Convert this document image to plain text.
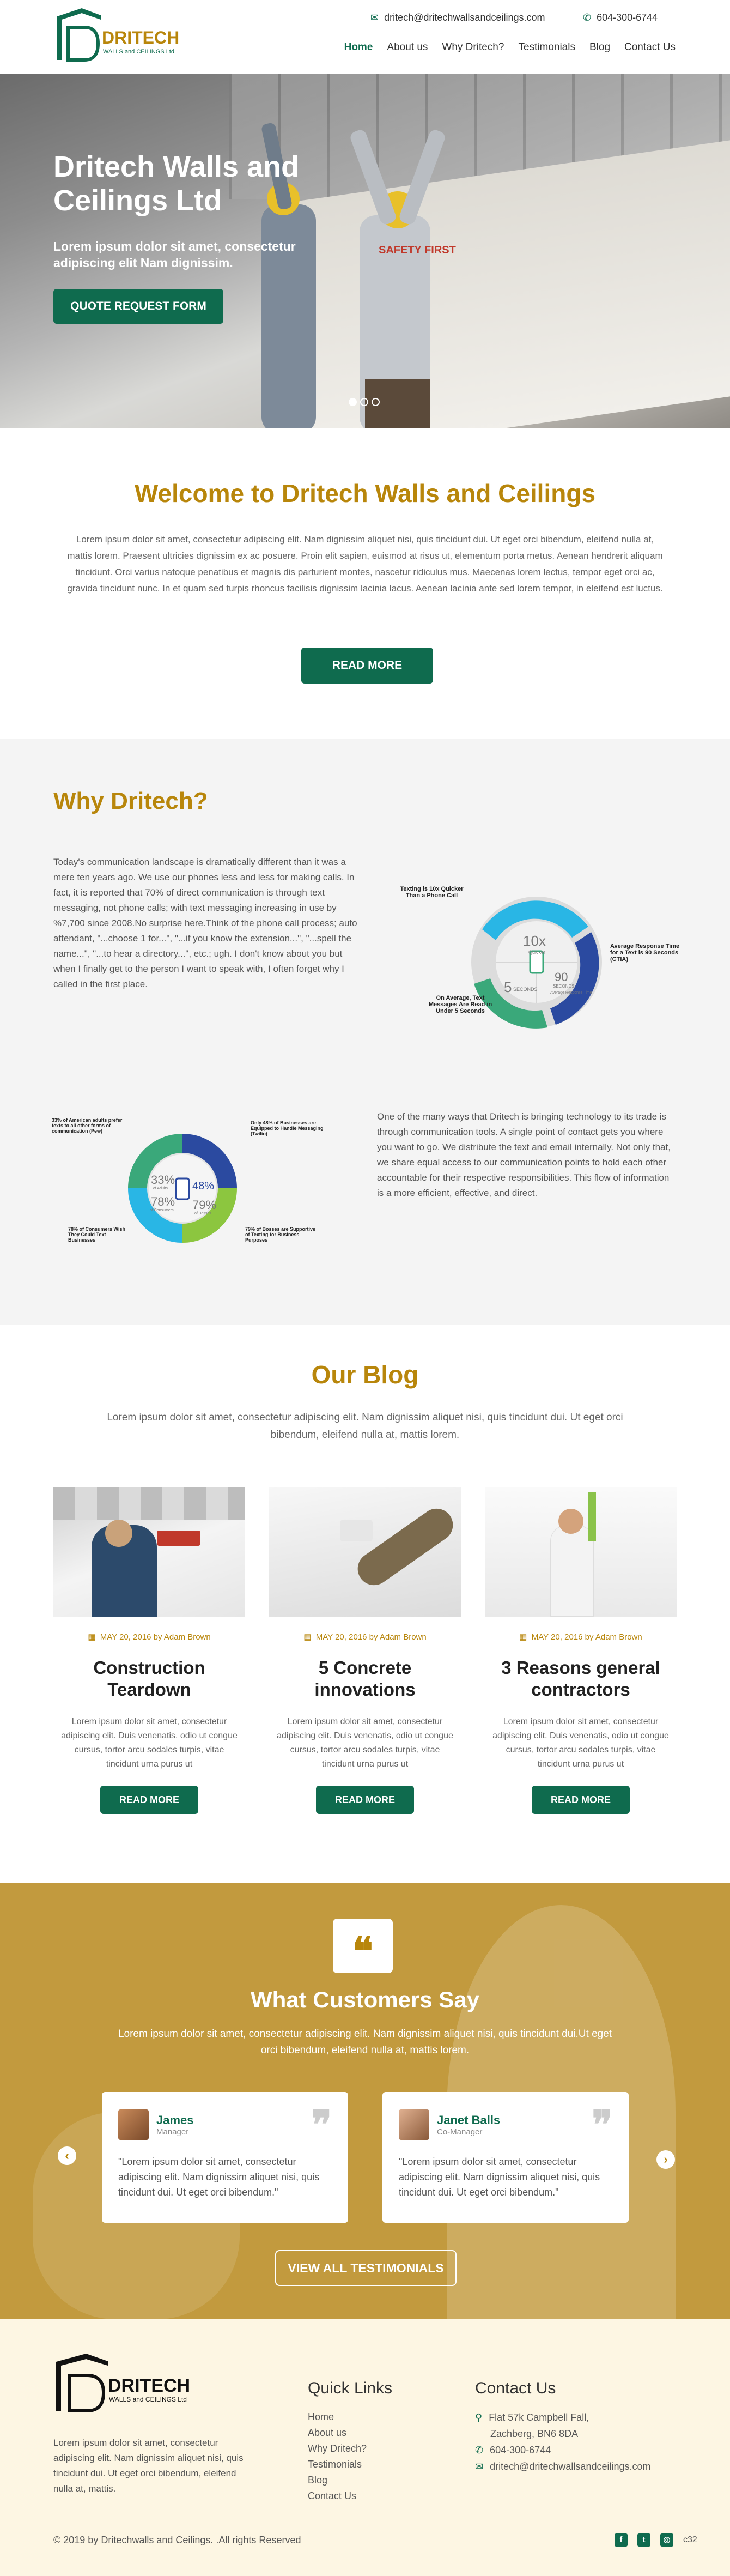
DRITECH
WALLS and CEILINGS Ltd
✉ dritech@dritechwallsandceilings.com	✆ 604-300-6744
Home About us Why Dritech? Testimonials Blog Contact Us
SAFETY FIRST
Dritech Walls and Ceilings Ltd
Lorem ipsum dolor sit amet, consectetur adipiscing elit Nam dignissim.
QUOTE REQUEST FORM
Welcome to Dritech Walls and Ceilings
Lorem ipsum dolor sit amet, consectetur adipiscing elit. Nam dignissim aliquet nisi, quis tincidunt dui. Ut eget orci bibendum, eleifend nulla at, mattis lorem. Praesent ultricies dignissim ex ac posuere. Proin elit sapien, euismod at risus ut, elementum porta metus. Aenean hendrerit aliquam tincidunt. Orci varius natoque penatibus et magnis dis parturient montes, nascetur ridiculus mus. Maecenas lorem lectus, tempor eget orci ac, gravida tincidunt nunc. In et quam sed turpis rhoncus facilisis dignissim lacinia lacus. Aenean lacinia ante sed lorem tempor, in eleifend est luctus.
READ MORE
Why Dritech?
Today's communication landscape is dramatically different than it was a mere ten years ago. We use our phones less and less for making calls. In fact, it is reported that 70% of direct communication is through text messaging, not phone calls; with text messaging increasing in use by %7,700 since 2008.No surprise here.Think of the phone call process; auto attendant, "...choose 1 for...", "...if you know the extension...", "...spell the name...", "...to hear a directory...", etc.; ugh. I don't know about you but when I finally get to the person I want to speak with, I often forget why I called in the first place.
10x
Quicker
90
SECONDS
Average Response Time
5 SECONDS
Texting is 10x Quicker Than a Phone Call
Average Response Time for a Text is 90 Seconds (CTIA)
On Average, Text Messages Are Read in Under 5 Seconds
33%
of Adults 48%
78%
of Consumers 79%
of Bosses
33% of American adults prefer texts to all other forms of communication (Pew)
Only 48% of Businesses are Equipped to Handle Messaging (Twilio)
78% of Consumers Wish They Could Text Businesses
79% of Bosses are Supportive of Texting for Business Purposes
One of the many ways that Dritech is bringing technology to its trade is through communication tools. A single point of contact gets you where you want to go. We distribute the text and email internally. Not only that, we share equal access to our communication points to hold each other accountable for their respective responsibilities. This flow of information is a more efficient, effective, and direct.
Our Blog
Lorem ipsum dolor sit amet, consectetur adipiscing elit. Nam dignissim aliquet nisi, quis tincidunt dui. Ut eget orci bibendum, eleifend nulla at, mattis lorem.
▦ MAY 20, 2016 by Adam Brown
Construction Teardown
Lorem ipsum dolor sit amet, consectetur adipiscing elit. Duis venenatis, odio ut congue cursus, tortor arcu sodales turpis, vitae tincidunt urna purus ut
READ MORE
▦ MAY 20, 2016 by Adam Brown
5 Concrete innovations
Lorem ipsum dolor sit amet, consectetur adipiscing elit. Duis venenatis, odio ut congue cursus, tortor arcu sodales turpis, vitae tincidunt urna purus ut
READ MORE
▦ MAY 20, 2016 by Adam Brown
3 Reasons general contractors
Lorem ipsum dolor sit amet, consectetur adipiscing elit. Duis venenatis, odio ut congue cursus, tortor arcu sodales turpis, vitae tincidunt urna purus ut
READ MORE
❝
What Customers Say
Lorem ipsum dolor sit amet, consectetur adipiscing elit. Nam dignissim aliquet nisi, quis tincidunt dui.Ut eget orci bibendum, eleifend nulla at, mattis lorem.
‹	›
James
Manager	❞
"Lorem ipsum dolor sit amet, consectetur adipiscing elit. Nam dignissim aliquet nisi, quis tincidunt dui. Ut eget orci bibendum."
Janet Balls
Co-Manager	❞
"Lorem ipsum dolor sit amet, consectetur adipiscing elit. Nam dignissim aliquet nisi, quis tincidunt dui. Ut eget orci bibendum."
VIEW ALL TESTIMONIALS
DRITECH
WALLS and CEILINGS Ltd
Lorem ipsum dolor sit amet, consectetur adipiscing elit. Nam dignissim aliquet nisi, quis tincidunt dui. Ut eget orci bibendum, eleifend nulla at, mattis.
Quick Links
Home
About us
Why Dritech?
Testimonials
Blog
Contact Us
Contact Us
⚲ Flat 57k Campbell Fall,
Zachberg, BN6 8DA
✆ 604-300-6744
✉ dritech@dritechwallsandceilings.com
© 2019 by Dritechwalls and Ceilings. .All rights Reserved	f	t	◎	c32
